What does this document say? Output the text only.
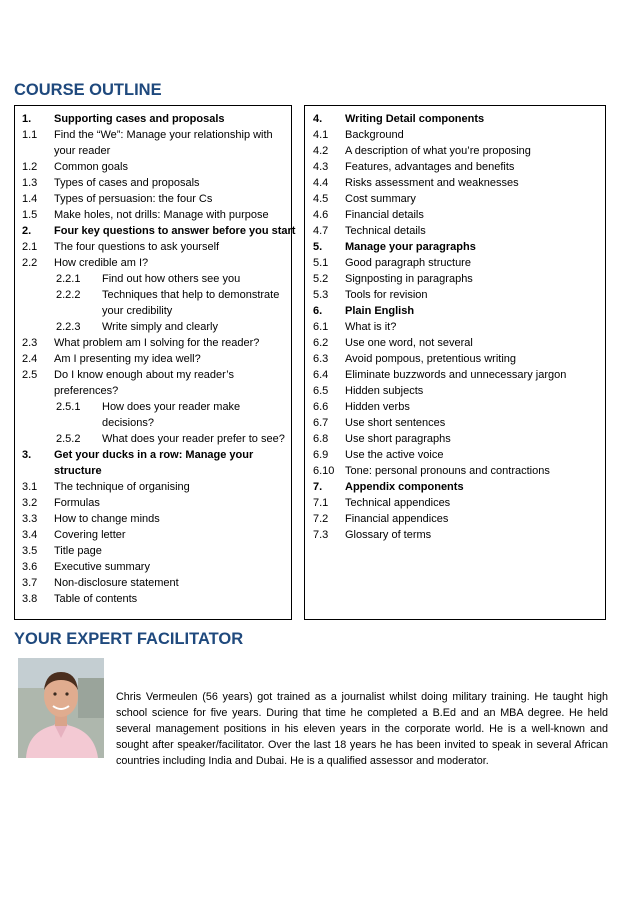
COURSE OUTLINE
1.	Supporting cases and proposals
1.1	Find the “We”: Manage your relationship with
your reader
1.2	Common goals
1.3	Types of cases and proposals
1.4	Types of persuasion: the four Cs
1.5	Make holes, not drills: Manage with purpose
2.	Four key questions to answer before you start
2.1	The four questions to ask yourself
2.2	How credible am I?
2.2.1	Find out how others see you
2.2.2	Techniques that help to demonstrate
your credibility
2.2.3	Write simply and clearly
2.3	What problem am I solving for the reader?
2.4	Am I presenting my idea well?
2.5	Do I know enough about my reader’s
preferences?
2.5.1	How does your reader make
decisions?
2.5.2	What does your reader prefer to see?
3.	Get your ducks in a row: Manage your
structure
3.1	The technique of organising
3.2	Formulas
3.3	How to change minds
3.4	Covering letter
3.5	Title page
3.6	Executive summary
3.7	Non-disclosure statement
3.8	Table of contents
4.	Writing Detail components
4.1	Background
4.2	A description of what you’re proposing
4.3	Features, advantages and benefits
4.4	Risks assessment and weaknesses
4.5	Cost summary
4.6	Financial details
4.7	Technical details
5.	Manage your paragraphs
5.1	Good paragraph structure
5.2	Signposting in paragraphs
5.3	Tools for revision
6.	Plain English
6.1	What is it?
6.2	Use one word, not several
6.3	Avoid pompous, pretentious writing
6.4	Eliminate buzzwords and unnecessary jargon
6.5	Hidden subjects
6.6	Hidden verbs
6.7	Use short sentences
6.8	Use short paragraphs
6.9	Use the active voice
6.10 Tone: personal pronouns and contractions
7.	Appendix components
7.1	Technical appendices
7.2	Financial appendices
7.3	Glossary of terms
YOUR EXPERT FACILITATOR
Chris Vermeulen (56 years) got trained as a journalist whilst doing military training. He taught high school science for five years. During that time he completed a B.Ed and an MBA degree. He held several management positions in his eleven years in the corporate world. He is a well-known and sought after speaker/facilitator. Over the last 18 years he has been invited to speak in several African countries including India and Dubai. He is a qualified assessor and moderator.
